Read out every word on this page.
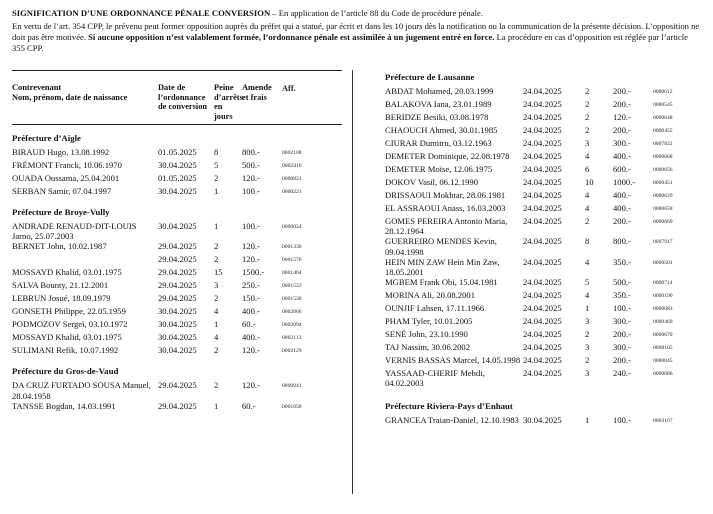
SIGNIFICATION D’UNE ORDONNANCE PÉNALE CONVERSION – En application de l’article 88 du Code de procédure pénale.
En vertu de l’art. 354 CPP, le prévenu peut former opposition auprès du préfet qui a statué, par écrit et dans les 10 jours dès la notification ou la communication de la présente décision. L’opposition ne doit pas être motivée. Si aucune opposition n’est valablement formée, l’ordonnance pénale est assimilée à un jugement entré en force. La procédure en cas d’opposition est réglée par l’article 355 CPP.
Contrevenant
Nom, prénom, date de naissance
Date de
l’ordonnance
de conversion
Peine
d’arrêts
en jours
Amende
et frais
Aff.
Préfecture d’Aigle
BIRAUD Hugo, 13.08.1992	01.05.2025	8	800.-	0002108
FRÉMONT Franck, 10.06.1970	30.04.2025	5	500.-	0002416
OUADA Oussama, 25.04.2001	01.05.2025	2	120.-	0000821
SERBAN Samir, 07.04.1997	30.04.2025	1	100.-	0000221
Préfecture de Broye-Vully
ANDRADE RENAUD-DIT-LOUIS Jarno, 25.07.2003
30.04.2025	1	100.-	0000024
BERNET John, 10.02.1987	29.04.2025	2	120.-	0001330
29.04.2025	2	120.-	0001576
MOSSAYD Khalid, 03.01.1975	29.04.2025	15	1500.-	0001464
SALVA Bounty, 21.12.2001	29.04.2025	3	250.-	0001523
LEBRUN Josué, 18.09.1979	29.04.2025	2	150.-	0001530
GONSETH Philippe, 22.05.1959	30.04.2025	4	400.-	0002066
PODMOZOV Sergeï, 03.10.1972	30.04.2025	1	60.-	0002094
MOSSAYD Khalid, 03.01.1975	30.04.2025	4	400.-	0002113
SULIMANI Refik, 10.07.1992	30.04.2025	2	120.-	0002129
Préfecture du Gros-de-Vaud
DA CRUZ FURTADO SOUSA Manuel, 28.04.1958
29.04.2025	2	120.-	0000941
TANSSE Bogdan, 14.03.1991	29.04.2025	1	60.-	0001058
Préfecture de Lausanne
ABDAT Mohamed, 20.03.1999	24.04.2025	2	200.-	0000612
BALAKOVA Iana, 23.01.1989	24.04.2025	2	200.-	0000545
BERIDZE Besiki, 03.08.1978	24.04.2025	2	120.-	0000648
CHAOUCH Ahmed, 30.01.1985	24.04.2025	2	200.-	0000455
CIURAR Dumitru, 03.12.1963	24.04.2025	3	300.-	0007822
DEMETER Dominique, 22.08.1978	24.04.2025	4	400.-	0000668
DEMETER Moïse, 12.06.1975	24.04.2025	6	600.-	0000656
DOKOV Vasil, 06.12.1990	24.04.2025	10	1000.-	0000451
DRISSAOUI Mokhtar, 28.06.1981	24.04.2025	4	400.-	0000629
EL ASSRAOUI Anass, 16.03.2003	24.04.2025	4	400.-	0000658
GOMES PEREIRA Antonio Maria, 28.12.1964
24.04.2025	2	200.-	0000669
GUERREIRO MENDES Kevin, 09.04.1998
24.04.2025	8	800.-	0007917
HEIN MIN ZAW Hein Min Zaw, 18.05.2001
24.04.2025	4	350.-	0000501
MGBEM Frank Obi, 15.04.1981	24.04.2025	5	500.-	0000714
MORINA Ali, 20.08.2001	24.04.2025	4	350.-	0000190
OUNJIF Lahsen, 17.11.1966	24.04.2025	1	100.-	0000683
PHAM Tyler, 10.01.2005	24.04.2025	3	300.-	0000460
SENÉ John, 23.10.1990	24.04.2025	2	200.-	0000670
TAJ Nassim, 30.06.2002	24.04.2025	3	300.-	0008105
VERNIS BASSAS Marcel, 14.05.1998 24.04.2025	2	200.-	0000045
YASSAAD-CHERIF Mehdi, 04.02.2003
24.04.2025	3	240.-	0000686
Préfecture Riviera-Pays d’Enhaut
GRANCEA Traian-Daniel, 12.10.1983 30.04.2025	1	100.-	0003167
